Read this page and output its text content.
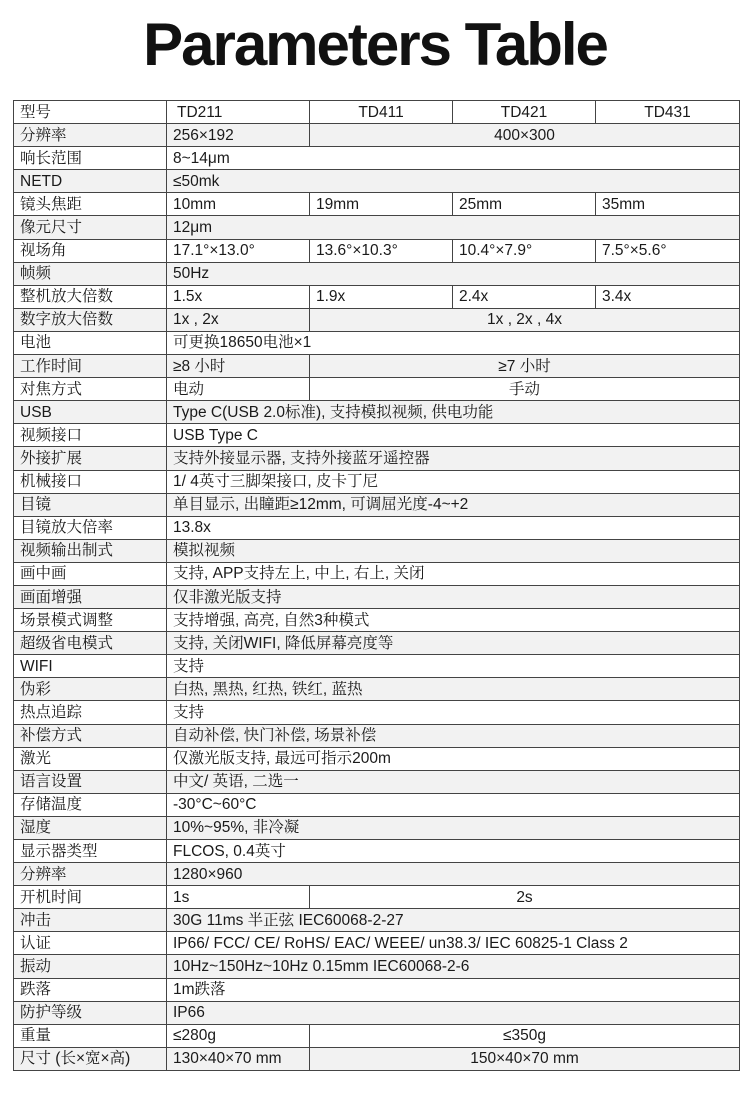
Parameters Table
型号	TD211	TD411	TD421	TD431
分辨率	256×192	400×300		
响长范围	8~14μm			
NETD	≤50mk			
镜头焦距	10mm	19mm	25mm	35mm
像元尺寸	12μm			
视场角	17.1°×13.0°	13.6°×10.3°	10.4°×7.9°	7.5°×5.6°
帧频	50Hz			
整机放大倍数	1.5x	1.9x	2.4x	3.4x
数字放大倍数	1x , 2x	1x , 2x , 4x		
电池	可更换18650电池×1			
工作时间	≥8 小时	≥7 小时		
对焦方式	电动	手动		
USB	Type C(USB 2.0标准), 支持模拟视频, 供电功能			
视频接口	USB Type C			
外接扩展	支持外接显示器, 支持外接蓝牙遥控器			
机械接口	1/ 4英寸三脚架接口, 皮卡丁尼			
目镜	单目显示, 出瞳距≥12mm, 可调屈光度-4~+2			
目镜放大倍率	13.8x			
视频输出制式	模拟视频			
画中画	支持, APP支持左上, 中上, 右上, 关闭			
画面增强	仅非激光版支持			
场景模式调整	支持增强, 高亮, 自然3种模式			
超级省电模式	支持, 关闭WIFI, 降低屏幕亮度等			
WIFI	支持			
伪彩	白热, 黑热, 红热, 铁红, 蓝热			
热点追踪	支持			
补偿方式	自动补偿, 快门补偿, 场景补偿			
激光	仅激光版支持, 最远可指示200m			
语言设置	中文/ 英语, 二选一			
存储温度	-30°C~60°C			
湿度	10%~95%, 非冷凝			
显示器类型	FLCOS, 0.4英寸			
分辨率	1280×960			
开机时间	1s	2s		
冲击	30G 11ms 半正弦 IEC60068-2-27			
认证	IP66/ FCC/ CE/ RoHS/ EAC/ WEEE/ un38.3/ IEC 60825-1 Class 2			
振动	10Hz~150Hz~10Hz 0.15mm IEC60068-2-6			
跌落	1m跌落			
防护等级	IP66			
重量	≤280g	≤350g		
尺寸 (长×宽×高)	130×40×70 mm	150×40×70 mm		
